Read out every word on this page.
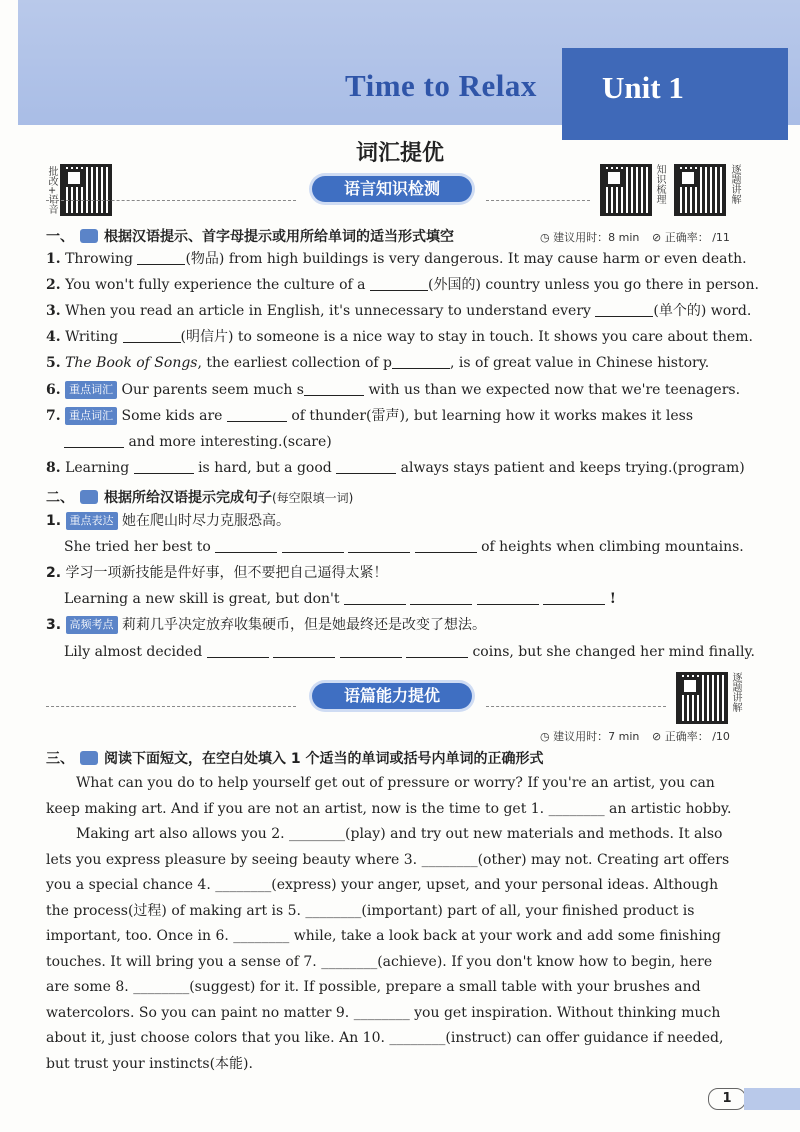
Time to Relax Unit 1
词汇提优
批改+语音	知识梳理	逐题讲解
语言知识检测
一、 根据汉语提示、首字母提示或用所给单词的适当形式填空	◷ 建议用时：8 min ⊘ 正确率： /11
1. Throwing	(物品) from high buildings is very dangerous. It may cause harm or even death.
2. You won't fully experience the culture of a	(外国的) country unless you go there in person.
3. When you read an article in English, it's unnecessary to understand every	(单个的) word.
4. Writing	(明信片) to someone is a nice way to stay in touch. It shows you care about them.
5. The Book of Songs, the earliest collection of p	, is of great value in Chinese history.
6. 重点词汇 Our parents seem much s	with us than we expected now that we're teenagers.
7. 重点词汇 Some kids are	of thunder(雷声), but learning how it works makes it less
and more interesting.(scare)
8. Learning	is hard, but a good	always stays patient and keeps trying.(program)
二、 根据所给汉语提示完成句子(每空限填一词)
1. 重点表达 她在爬山时尽力克服恐高。
She tried her best to	of heights when climbing mountains.
2. 学习一项新技能是件好事，但不要把自己逼得太紧！
Learning a new skill is great, but don't	!
3. 高频考点 莉莉几乎决定放弃收集硬币，但是她最终还是改变了想法。
Lily almost decided	coins, but she changed her mind finally.
语篇能力提优	逐题讲解
◷ 建议用时：7 min ⊘ 正确率： /10
三、 阅读下面短文，在空白处填入 1 个适当的单词或括号内单词的正确形式
What can you do to help yourself get out of pressure or worry? If you're an artist, you can
keep making art. And if you are not an artist, now is the time to get 1. ________ an artistic hobby.
Making art also allows you 2. ________(play) and try out new materials and methods. It also
lets you express pleasure by seeing beauty where 3. ________(other) may not. Creating art offers
you a special chance 4. ________(express) your anger, upset, and your personal ideas. Although
the process(过程) of making art is 5. ________(important) part of all, your finished product is
important, too. Once in 6. ________ while, take a look back at your work and add some finishing
touches. It will bring you a sense of 7. ________(achieve). If you don't know how to begin, here
are some 8. ________(suggest) for it. If possible, prepare a small table with your brushes and
watercolors. So you can paint no matter 9. ________ you get inspiration. Without thinking much
about it, just choose colors that you like. An 10. ________(instruct) can offer guidance if needed,
but trust your instincts(本能).
1
